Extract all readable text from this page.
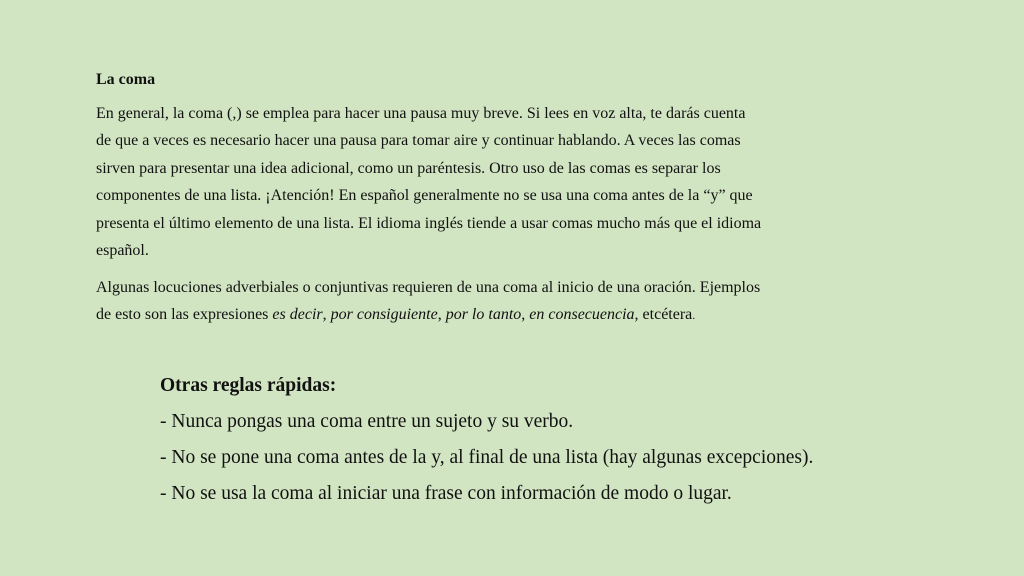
La coma

En general, la coma (,) se emplea para hacer una pausa muy breve. Si lees en voz alta, te darás cuenta
de que a veces es necesario hacer una pausa para tomar aire y continuar hablando. A veces las comas
sirven para presentar una idea adicional, como un paréntesis. Otro uso de las comas es separar los
componentes de una lista. ¡Atención! En español generalmente no se usa una coma antes de la “y” que
presenta el último elemento de una lista. El idioma inglés tiende a usar comas mucho más que el idioma
español.

Algunas locuciones adverbiales o conjuntivas requieren de una coma al inicio de una oración. Ejemplos
de esto son las expresiones es decir, por consiguiente, por lo tanto, en consecuencia, etcétera.

Otras reglas rápidas:

- Nunca pongas una coma entre un sujeto y su verbo.

- No se pone una coma antes de la y, al final de una lista (hay algunas excepciones).

- No se usa la coma al iniciar una frase con información de modo o lugar.
